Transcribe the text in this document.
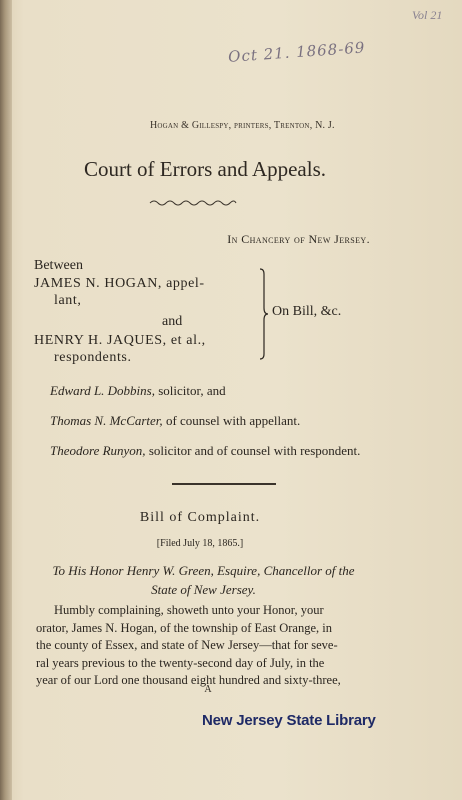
Oct 21. 1868-69
Vol 21
Hogan & Gillespy, printers, Trenton, N. J.
Court of Errors and Appeals.
In Chancery of New Jersey.
Between
JAMES N. HOGAN, appel-
lant,
and
HENRY H. JAQUES, et al.,
respondents.
On Bill, &c.
Edward L. Dobbins, solicitor, and
Thomas N. McCarter, of counsel with appellant.
Theodore Runyon, solicitor and of counsel with respondent.
Bill of Complaint.
[Filed July 18, 1865.]
To His Honor Henry W. Green, Esquire, Chancellor of the
State of New Jersey.
Humbly complaining, showeth unto your Honor, your
orator, James N. Hogan, of the township of East Orange, in
the county of Essex, and state of New Jersey—that for seve-
ral years previous to the twenty-second day of July, in the
year of our Lord one thousand eight hundred and sixty-three,
A
New Jersey State Library
